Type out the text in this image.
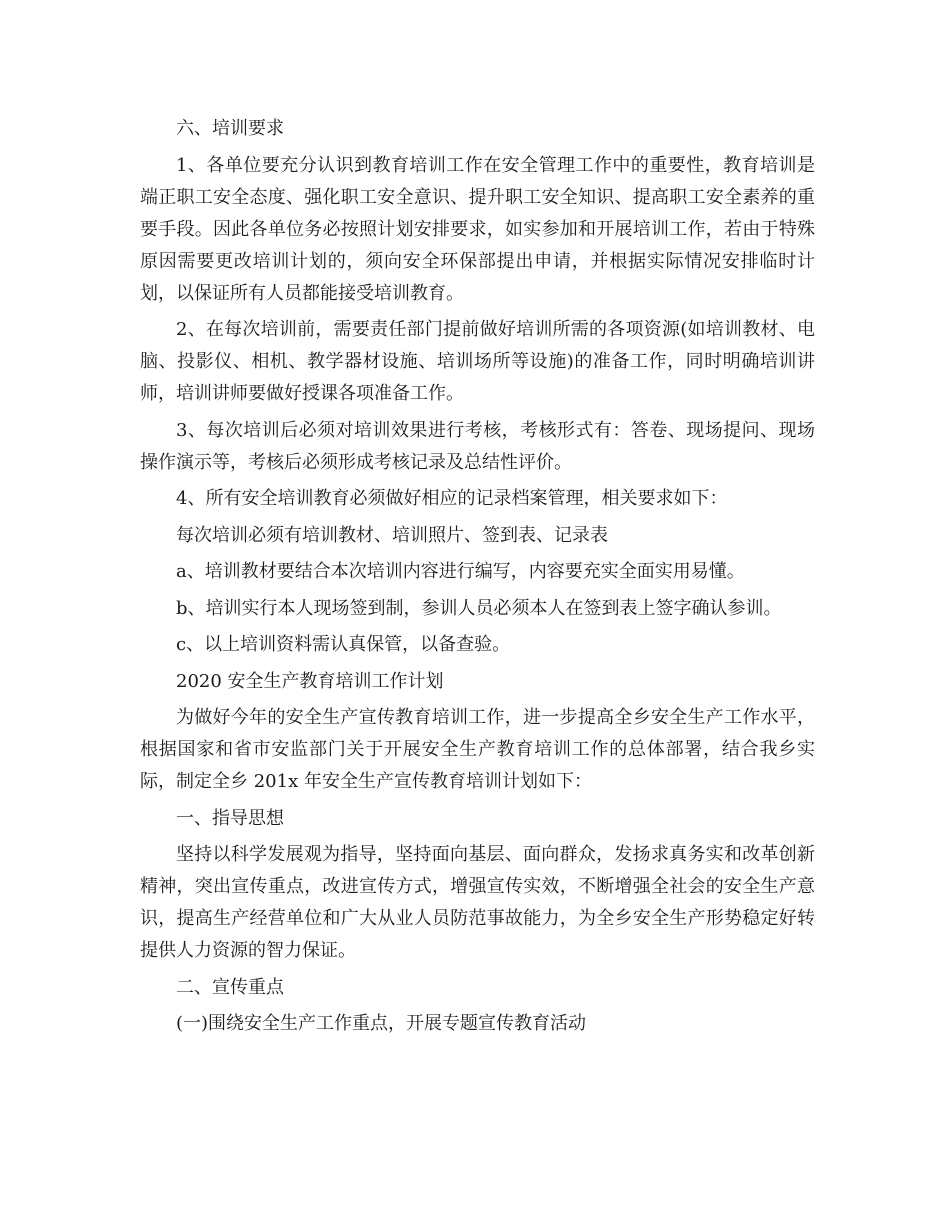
六、培训要求

1、各单位要充分认识到教育培训工作在安全管理工作中的重要性，教育培训是端正职工安全态度、强化职工安全意识、提升职工安全知识、提高职工安全素养的重要手段。因此各单位务必按照计划安排要求，如实参加和开展培训工作，若由于特殊原因需要更改培训计划的，须向安全环保部提出申请，并根据实际情况安排临时计划，以保证所有人员都能接受培训教育。

2、在每次培训前，需要责任部门提前做好培训所需的各项资源(如培训教材、电脑、投影仪、相机、教学器材设施、培训场所等设施)的准备工作，同时明确培训讲师，培训讲师要做好授课各项准备工作。

3、每次培训后必须对培训效果进行考核，考核形式有：答卷、现场提问、现场操作演示等，考核后必须形成考核记录及总结性评价。

4、所有安全培训教育必须做好相应的记录档案管理，相关要求如下：

每次培训必须有培训教材、培训照片、签到表、记录表

a、培训教材要结合本次培训内容进行编写，内容要充实全面实用易懂。

b、培训实行本人现场签到制，参训人员必须本人在签到表上签字确认参训。

c、以上培训资料需认真保管，以备查验。

2020 安全生产教育培训工作计划

为做好今年的安全生产宣传教育培训工作，进一步提高全乡安全生产工作水平，根据国家和省市安监部门关于开展安全生产教育培训工作的总体部署，结合我乡实际，制定全乡 201x 年安全生产宣传教育培训计划如下：

一、指导思想

坚持以科学发展观为指导，坚持面向基层、面向群众，发扬求真务实和改革创新精神，突出宣传重点，改进宣传方式，增强宣传实效，不断增强全社会的安全生产意识，提高生产经营单位和广大从业人员防范事故能力，为全乡安全生产形势稳定好转提供人力资源的智力保证。

二、宣传重点

(一)围绕安全生产工作重点，开展专题宣传教育活动
